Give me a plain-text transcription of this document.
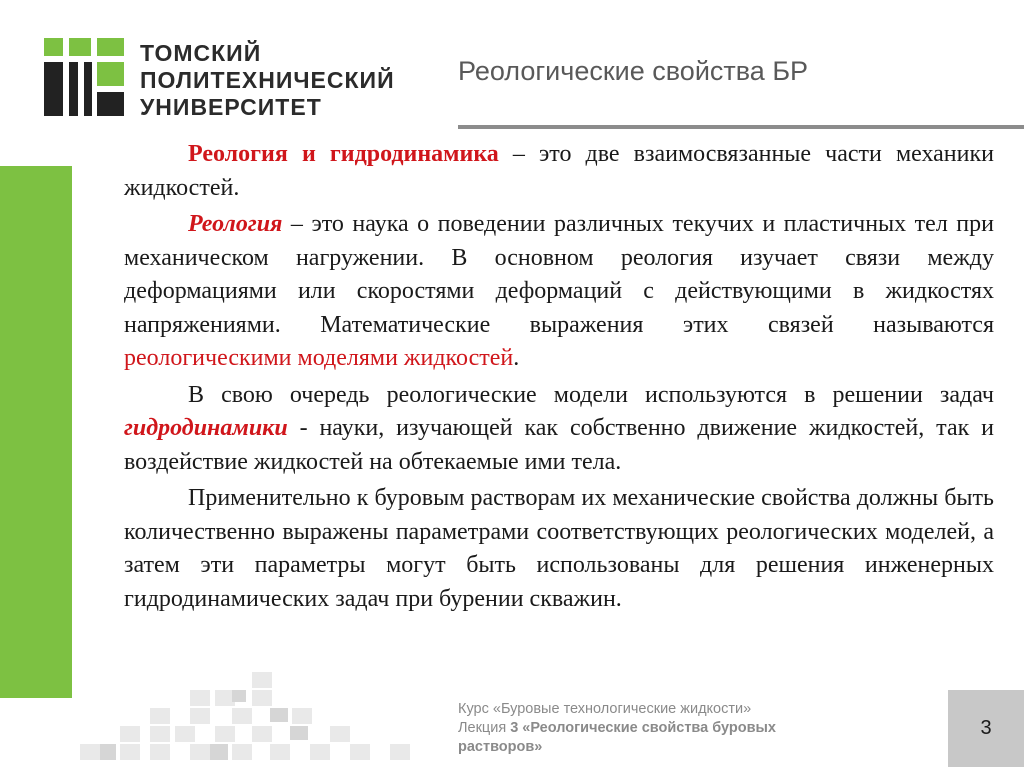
ТОМСКИЙ
ПОЛИТЕХНИЧЕСКИЙ
УНИВЕРСИТЕТ
Реологические свойства БР

Реология и гидродинамика – это две взаимосвязанные части механики жидкостей.

Реология – это наука о поведении различных текучих и пластичных тел при механическом нагружении. В основном реология изучает связи между деформациями или скоростями деформаций с действующими в жидкостях напряжениями. Математические выражения этих связей называются реологическими моделями жидкостей.

В свою очередь реологические модели используются в решении задач гидродинамики - науки, изучающей как собственно движение жидкостей, так и воздействие жидкостей на обтекаемые ими тела.

Применительно к буровым растворам их механические свойства должны быть количественно выражены параметрами соответствующих реологических моделей, а затем эти параметры могут быть использованы для решения инженерных гидродинамических задач при бурении скважин.

Курс «Буровые технологические жидкости»
Лекция 3 «Реологические свойства буровых
растворов»
3
